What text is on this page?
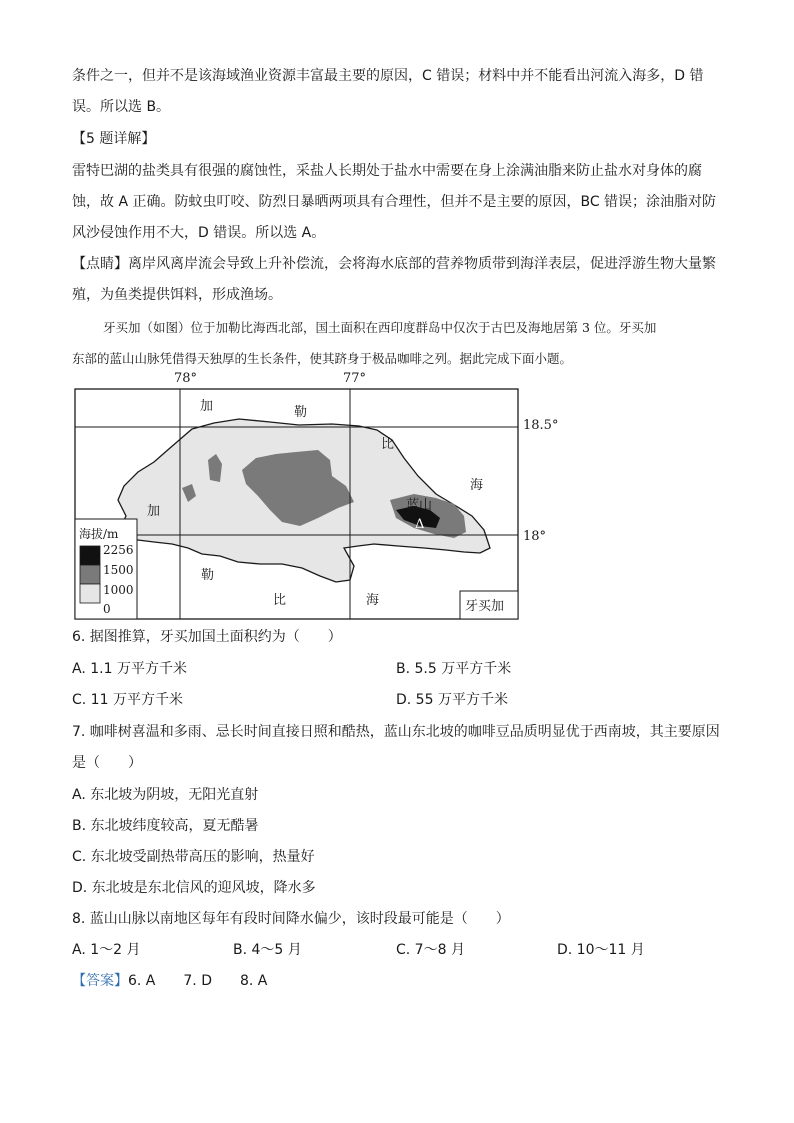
条件之一，但并不是该海域渔业资源丰富最主要的原因，C 错误；材料中并不能看出河流入海多，D 错
误。所以选 B。
【5 题详解】
雷特巴湖的盐类具有很强的腐蚀性，采盐人长期处于盐水中需要在身上涂满油脂来防止盐水对身体的腐
蚀，故 A 正确。防蚊虫叮咬、防烈日暴晒两项具有合理性，但并不是主要的原因，BC 错误；涂油脂对防
风沙侵蚀作用不大，D 错误。所以选 A。
【点睛】离岸风离岸流会导致上升补偿流，会将海水底部的营养物质带到海洋表层，促进浮游生物大量繁
殖，为鱼类提供饵料，形成渔场。
牙买加（如图）位于加勒比海西北部，国土面积在西印度群岛中仅次于古巴及海地居第 3 位。牙买加
东部的蓝山山脉凭借得天独厚的生长条件，使其跻身于极品咖啡之列。据此完成下面小题。
78°	77°
18.5°
18°
加	勒
比
海
加
勒
比	海
蓝山
Δ
牙买加
海拔/m
2256
1500
1000
0
6. 据图推算，牙买加国土面积约为（　　）
A. 1.1 万平方千米	B. 5.5 万平方千米
C. 11 万平方千米	D. 55 万平方千米
7. 咖啡树喜温和多雨、忌长时间直接日照和酷热，蓝山东北坡的咖啡豆品质明显优于西南坡，其主要原因
是（　　）
A. 东北坡为阴坡，无阳光直射
B. 东北坡纬度较高，夏无酷暑
C. 东北坡受副热带高压的影响，热量好
D. 东北坡是东北信风的迎风坡，降水多
8. 蓝山山脉以南地区每年有段时间降水偏少，该时段最可能是（　　）
A. 1～2 月	B. 4～5 月	C. 7～8 月	D. 10～11 月
【答案】6. A　　7. D　　8. A
